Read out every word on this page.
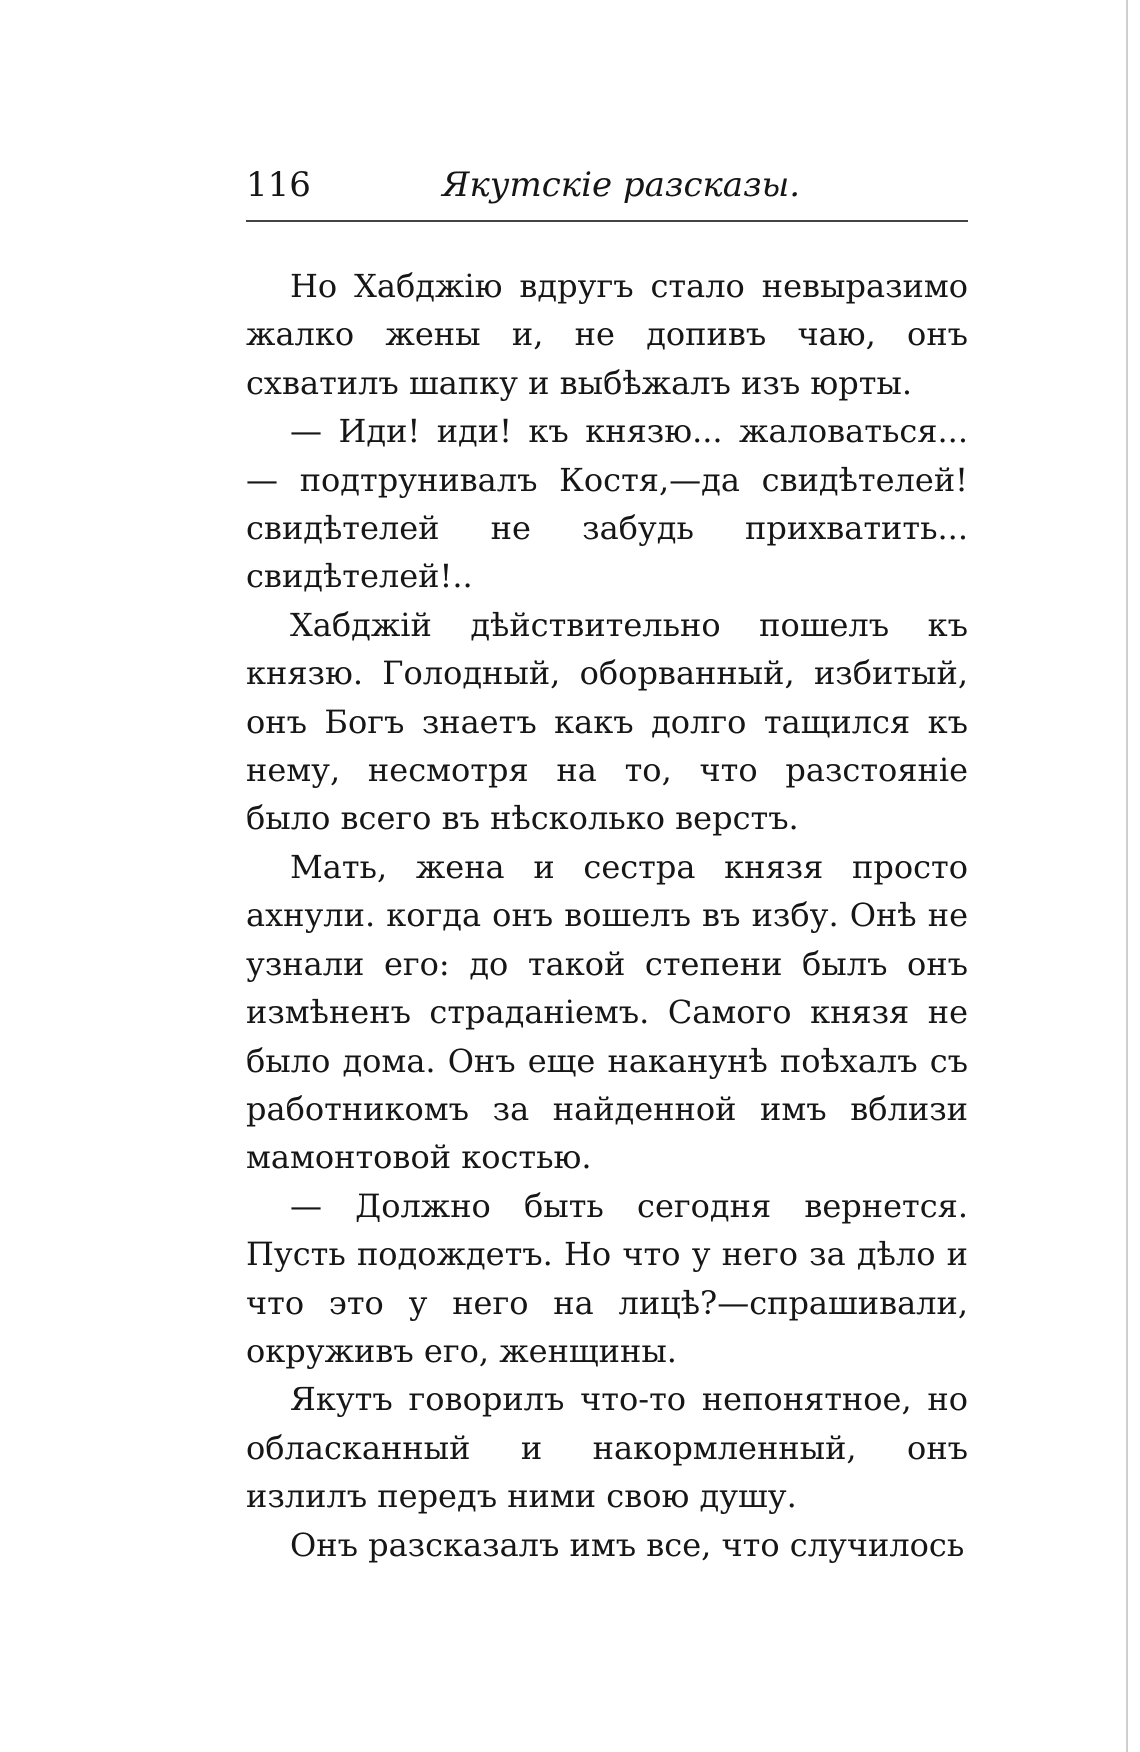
116	Якутскіе разсказы.

Но Хабджію вдругъ стало невыразимо жалко жены и, не допивъ чаю, онъ схватилъ шапку и выбѣжалъ изъ юрты.

— Иди! иди! къ князю... жаловаться...— подтрунивалъ Костя,—да свидѣтелей! свидѣтелей не забудь прихватить... свидѣтелей!..

Хабджій дѣйствительно пошелъ къ князю. Голодный, оборванный, избитый, онъ Богъ знаетъ какъ долго тащился къ нему, несмотря на то, что разстояніе было всего въ нѣсколько верстъ.

Мать, жена и сестра князя просто ахнули. когда онъ вошелъ въ избу. Онѣ не узнали его: до такой степени былъ онъ измѣненъ страданіемъ. Самого князя не было дома. Онъ еще наканунѣ поѣхалъ съ работникомъ за найденной имъ вблизи мамонтовой костью.

— Должно быть сегодня вернется. Пусть подождетъ. Но что у него за дѣло и что это у него на лицѣ?—спрашивали, окруживъ его, женщины.

Якутъ говорилъ что-то непонятное, но обласканный и накормленный, онъ излилъ передъ ними свою душу.

Онъ разсказалъ имъ все, что случилось
